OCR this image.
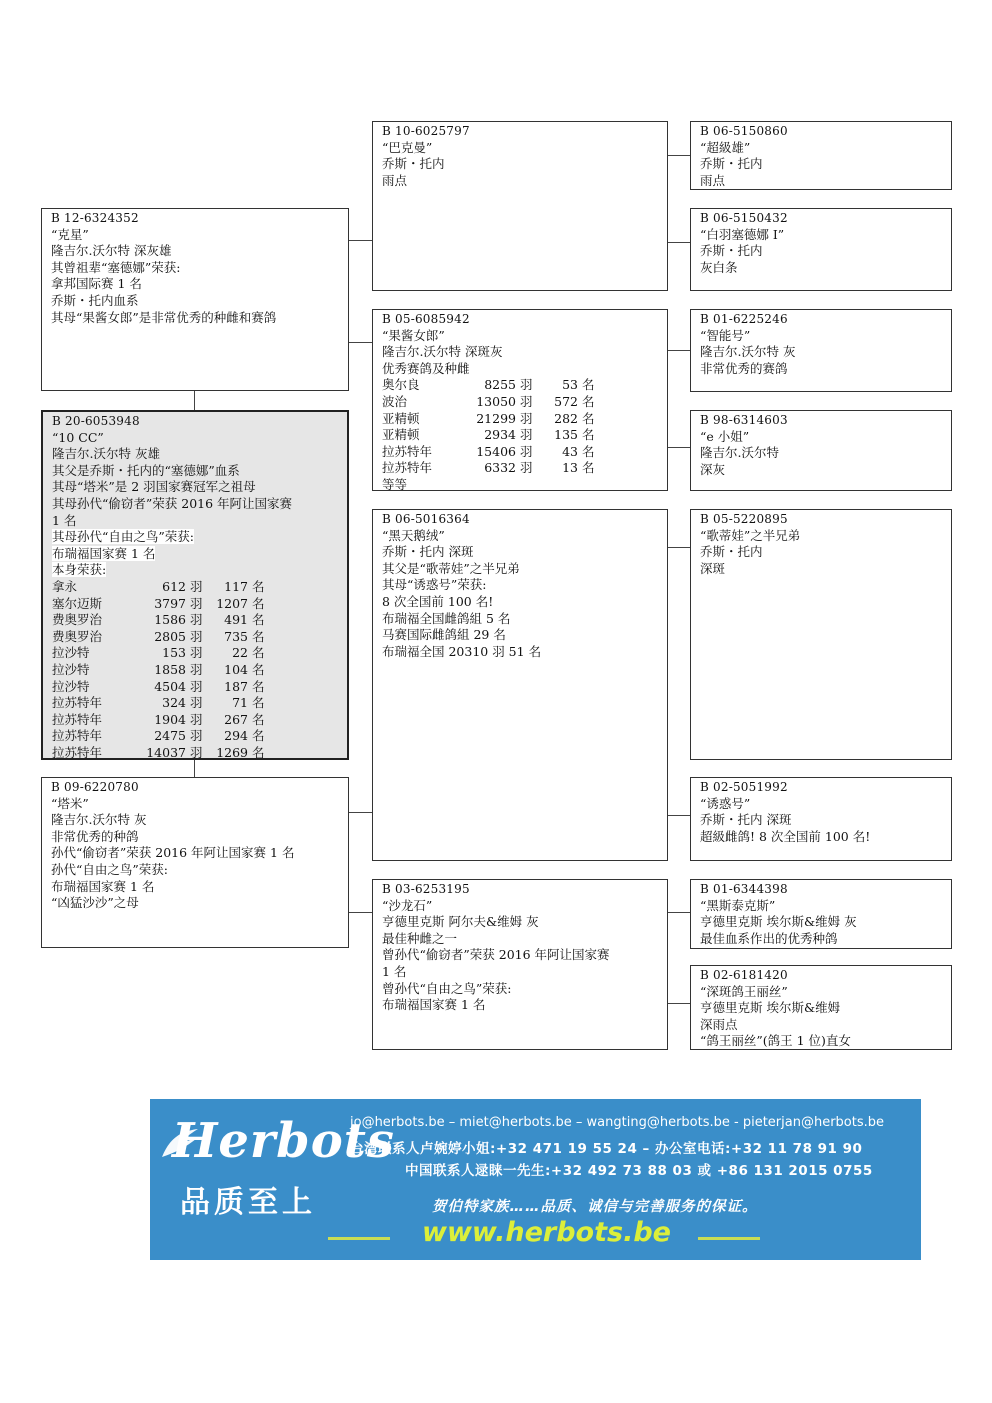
B 12-6324352
“克星”
隆吉尔.沃尔特 深灰雄
其曾祖辈“塞德娜”荣获:
拿邦国际赛 1 名
乔斯・托内血系
其母“果酱女郎”是非常优秀的种雌和赛鸽
B 20-6053948
“10 CC”
隆吉尔.沃尔特 灰雄
其父是乔斯・托内的“塞德娜”血系
其母“塔米”是 2 羽国家赛冠军之祖母
其母孙代“偷窃者”荣获 2016 年阿让国家赛
1 名
其母孙代“自由之鸟”荣获:
布瑞福国家赛 1 名
本身荣获:
拿永	612 羽 117 名
塞尔迈斯	3797 羽 1207 名
费奥罗治	1586 羽 491 名
费奥罗治	2805 羽 735 名
拉沙特	153 羽 22 名
拉沙特	1858 羽 104 名
拉沙特	4504 羽 187 名
拉苏特年	324 羽 71 名
拉苏特年	1904 羽 267 名
拉苏特年	2475 羽 294 名
拉苏特年	14037 羽 1269 名
B 09-6220780
“塔米”
隆吉尔.沃尔特 灰
非常优秀的种鸽
孙代“偷窃者”荣获 2016 年阿让国家赛 1 名
孙代“自由之鸟”荣获:
布瑞福国家赛 1 名
“凶猛沙沙”之母
B 10-6025797
“巴克曼”
乔斯・托内
雨点
B 05-6085942
“果酱女郎”
隆吉尔.沃尔特 深斑灰
优秀赛鸽及种雌
奥尔良	8255 羽 53 名
波治	13050 羽 572 名
亚精顿	21299 羽 282 名
亚精顿	2934 羽 135 名
拉苏特年	15406 羽 43 名
拉苏特年	6332 羽 13 名
等等
B 06-5016364
“黑天鹅绒”
乔斯・托内 深斑
其父是“歌蒂娃”之半兄弟
其母“诱惑号”荣获:
8 次全国前 100 名!
布瑞福全国雌鸽組 5 名
马赛国际雌鸽組 29 名
布瑞福全国 20310 羽 51 名
B 03-6253195
“沙龙石”
亨德里克斯 阿尔夫&维姆 灰
最佳种雌之一
曾孙代“偷窃者”荣获 2016 年阿让国家赛
1 名
曾孙代“自由之鸟”荣获:
布瑞福国家赛 1 名
B 06-5150860
“超級雄”
乔斯・托内
雨点
B 06-5150432
“白羽塞德娜 I”
乔斯・托内
灰白条
B 01-6225246
“智能号”
隆吉尔.沃尔特 灰
非常优秀的赛鸽
B 98-6314603
“e 小姐”
隆吉尔.沃尔特
深灰
B 05-5220895
“歌蒂娃”之半兄弟
乔斯・托内
深斑
B 02-5051992
“诱惑号”
乔斯・托内 深斑
超級雌鸽! 8 次全国前 100 名!
B 01-6344398
“黑斯泰克斯”
亨德里克斯 埃尔斯&维姆 灰
最佳血系作出的优秀种鸽
B 02-6181420
“深斑鸽王丽丝”
亨德里克斯 埃尔斯&维姆
深雨点
“鸽王丽丝”(鸽王 1 位)直女
Herbots
品质至上
jo@herbots.be – miet@herbots.be – wangting@herbots.be - pieterjan@herbots.be
台湾联系人卢婉婷小姐:+32 471 19 55 24 – 办公室电话:+32 11 78 91 90
中国联系人逯睐一先生:+32 492 73 88 03 或 +86 131 2015 0755
贺伯特家族……品质、诚信与完善服务的保证。
www.herbots.be
